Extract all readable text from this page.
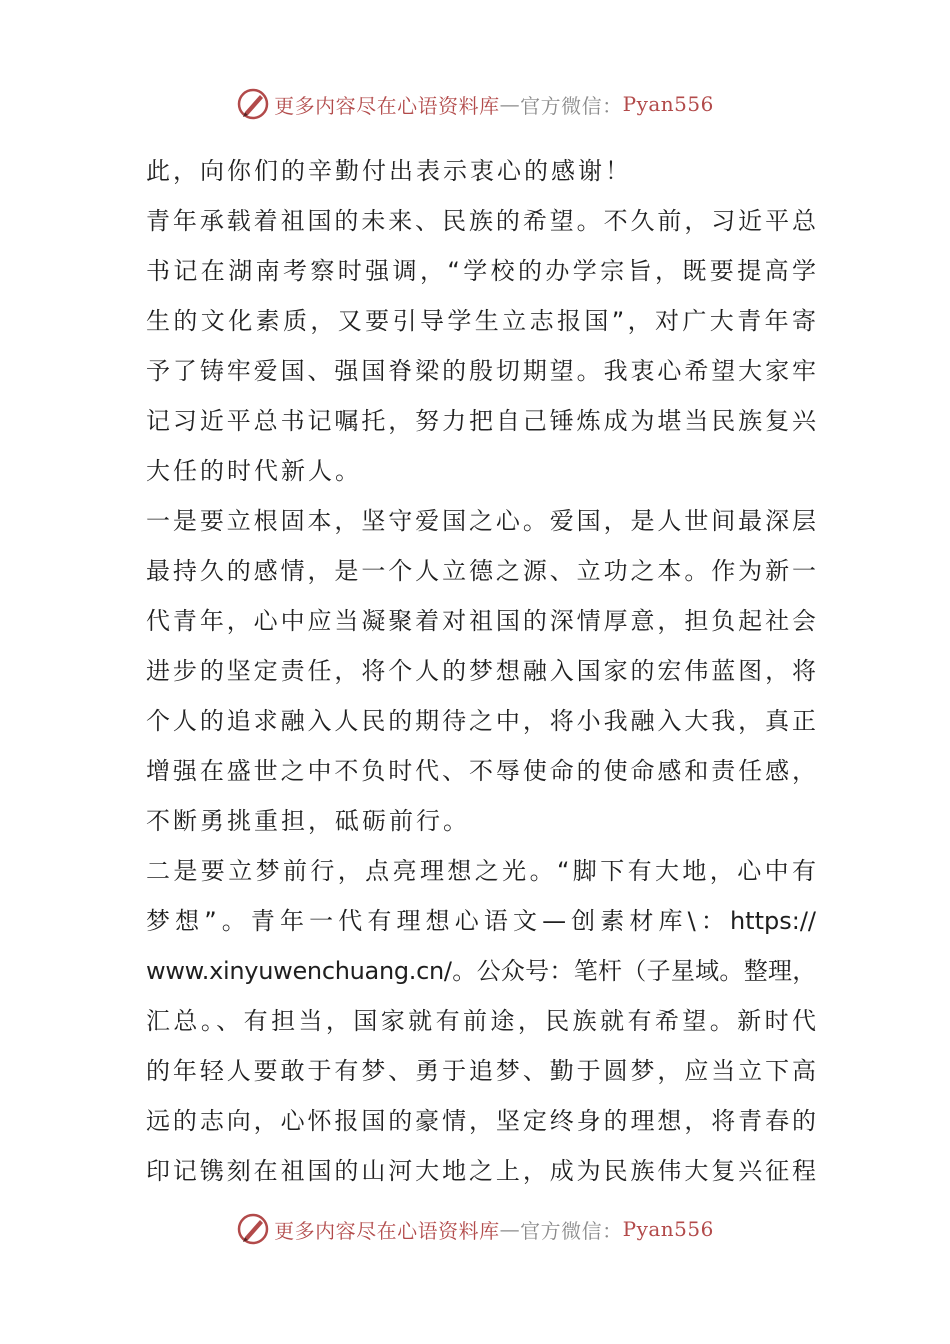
更多内容尽在心语资料库 — 官方微信： Pyan556
此，向你们的辛勤付出表示衷心的感谢！
青年承载着祖国的未来、民族的希望。不久前，习近平总
书记在湖南考察时强调，“学校的办学宗旨，既要提高学
生的文化素质，又要引导学生立志报国”，对广大青年寄
予了铸牢爱国、强国脊梁的殷切期望。我衷心希望大家牢
记习近平总书记嘱托，努力把自己锤炼成为堪当民族复兴
大任的时代新人。
一是要立根固本，坚守爱国之心。爱国，是人世间最深层
最持久的感情，是一个人立德之源、立功之本。作为新一
代青年，心中应当凝聚着对祖国的深情厚意，担负起社会
进步的坚定责任，将个人的梦想融入国家的宏伟蓝图，将
个人的追求融入人民的期待之中，将小我融入大我，真正
增强在盛世之中不负时代、不辱使命的使命感和责任感，
不断勇挑重担，砥砺前行。
二是要立梦前行，点亮理想之光。“脚下有大地，心中有
梦想”。青年一代有理想心语文—创素材库\：https://
www.xinyuwenchuang.cn/。公众号：笔杆（子星域。整理，
汇总。、有担当，国家就有前途，民族就有希望。新时代
的年轻人要敢于有梦、勇于追梦、勤于圆梦，应当立下高
远的志向，心怀报国的豪情，坚定终身的理想，将青春的
印记镌刻在祖国的山河大地之上，成为民族伟大复兴征程
更多内容尽在心语资料库 — 官方微信： Pyan556
